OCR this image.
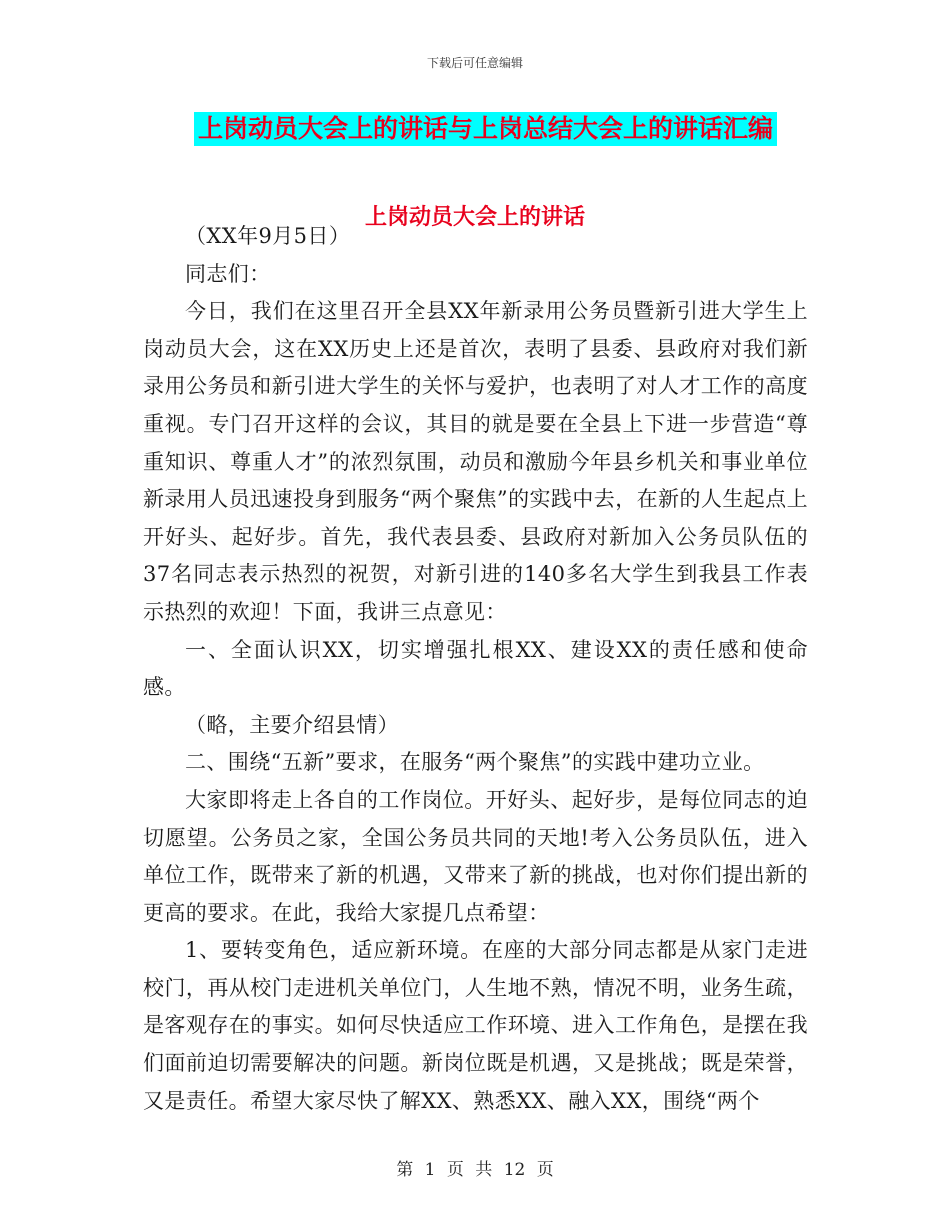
下载后可任意编辑
上岗动员大会上的讲话与上岗总结大会上的讲话汇编
上岗动员大会上的讲话

（XX年9月5日）

同志们：

今日，我们在这里召开全县XX年新录用公务员暨新引进大学生上岗动员大会，这在XX历史上还是首次，表明了县委、县政府对我们新录用公务员和新引进大学生的关怀与爱护，也表明了对人才工作的高度重视。专门召开这样的会议，其目的就是要在全县上下进一步营造“尊重知识、尊重人才”的浓烈氛围，动员和激励今年县乡机关和事业单位新录用人员迅速投身到服务“两个聚焦”的实践中去，在新的人生起点上开好头、起好步。首先，我代表县委、县政府对新加入公务员队伍的37名同志表示热烈的祝贺，对新引进的140多名大学生到我县工作表示热烈的欢迎！下面，我讲三点意见：

一、全面认识XX，切实增强扎根XX、建设XX的责任感和使命感。

（略，主要介绍县情）

二、围绕“五新”要求，在服务“两个聚焦”的实践中建功立业。

大家即将走上各自的工作岗位。开好头、起好步，是每位同志的迫切愿望。公务员之家，全国公务员共同的天地!考入公务员队伍，进入单位工作，既带来了新的机遇，又带来了新的挑战，也对你们提出新的更高的要求。在此，我给大家提几点希望：

1、要转变角色，适应新环境。在座的大部分同志都是从家门走进校门，再从校门走进机关单位门，人生地不熟，情况不明，业务生疏，是客观存在的事实。如何尽快适应工作环境、进入工作角色，是摆在我们面前迫切需要解决的问题。新岗位既是机遇，又是挑战；既是荣誉，又是责任。希望大家尽快了解XX、熟悉XX、融入XX，围绕“两个

第 1 页 共 12 页
